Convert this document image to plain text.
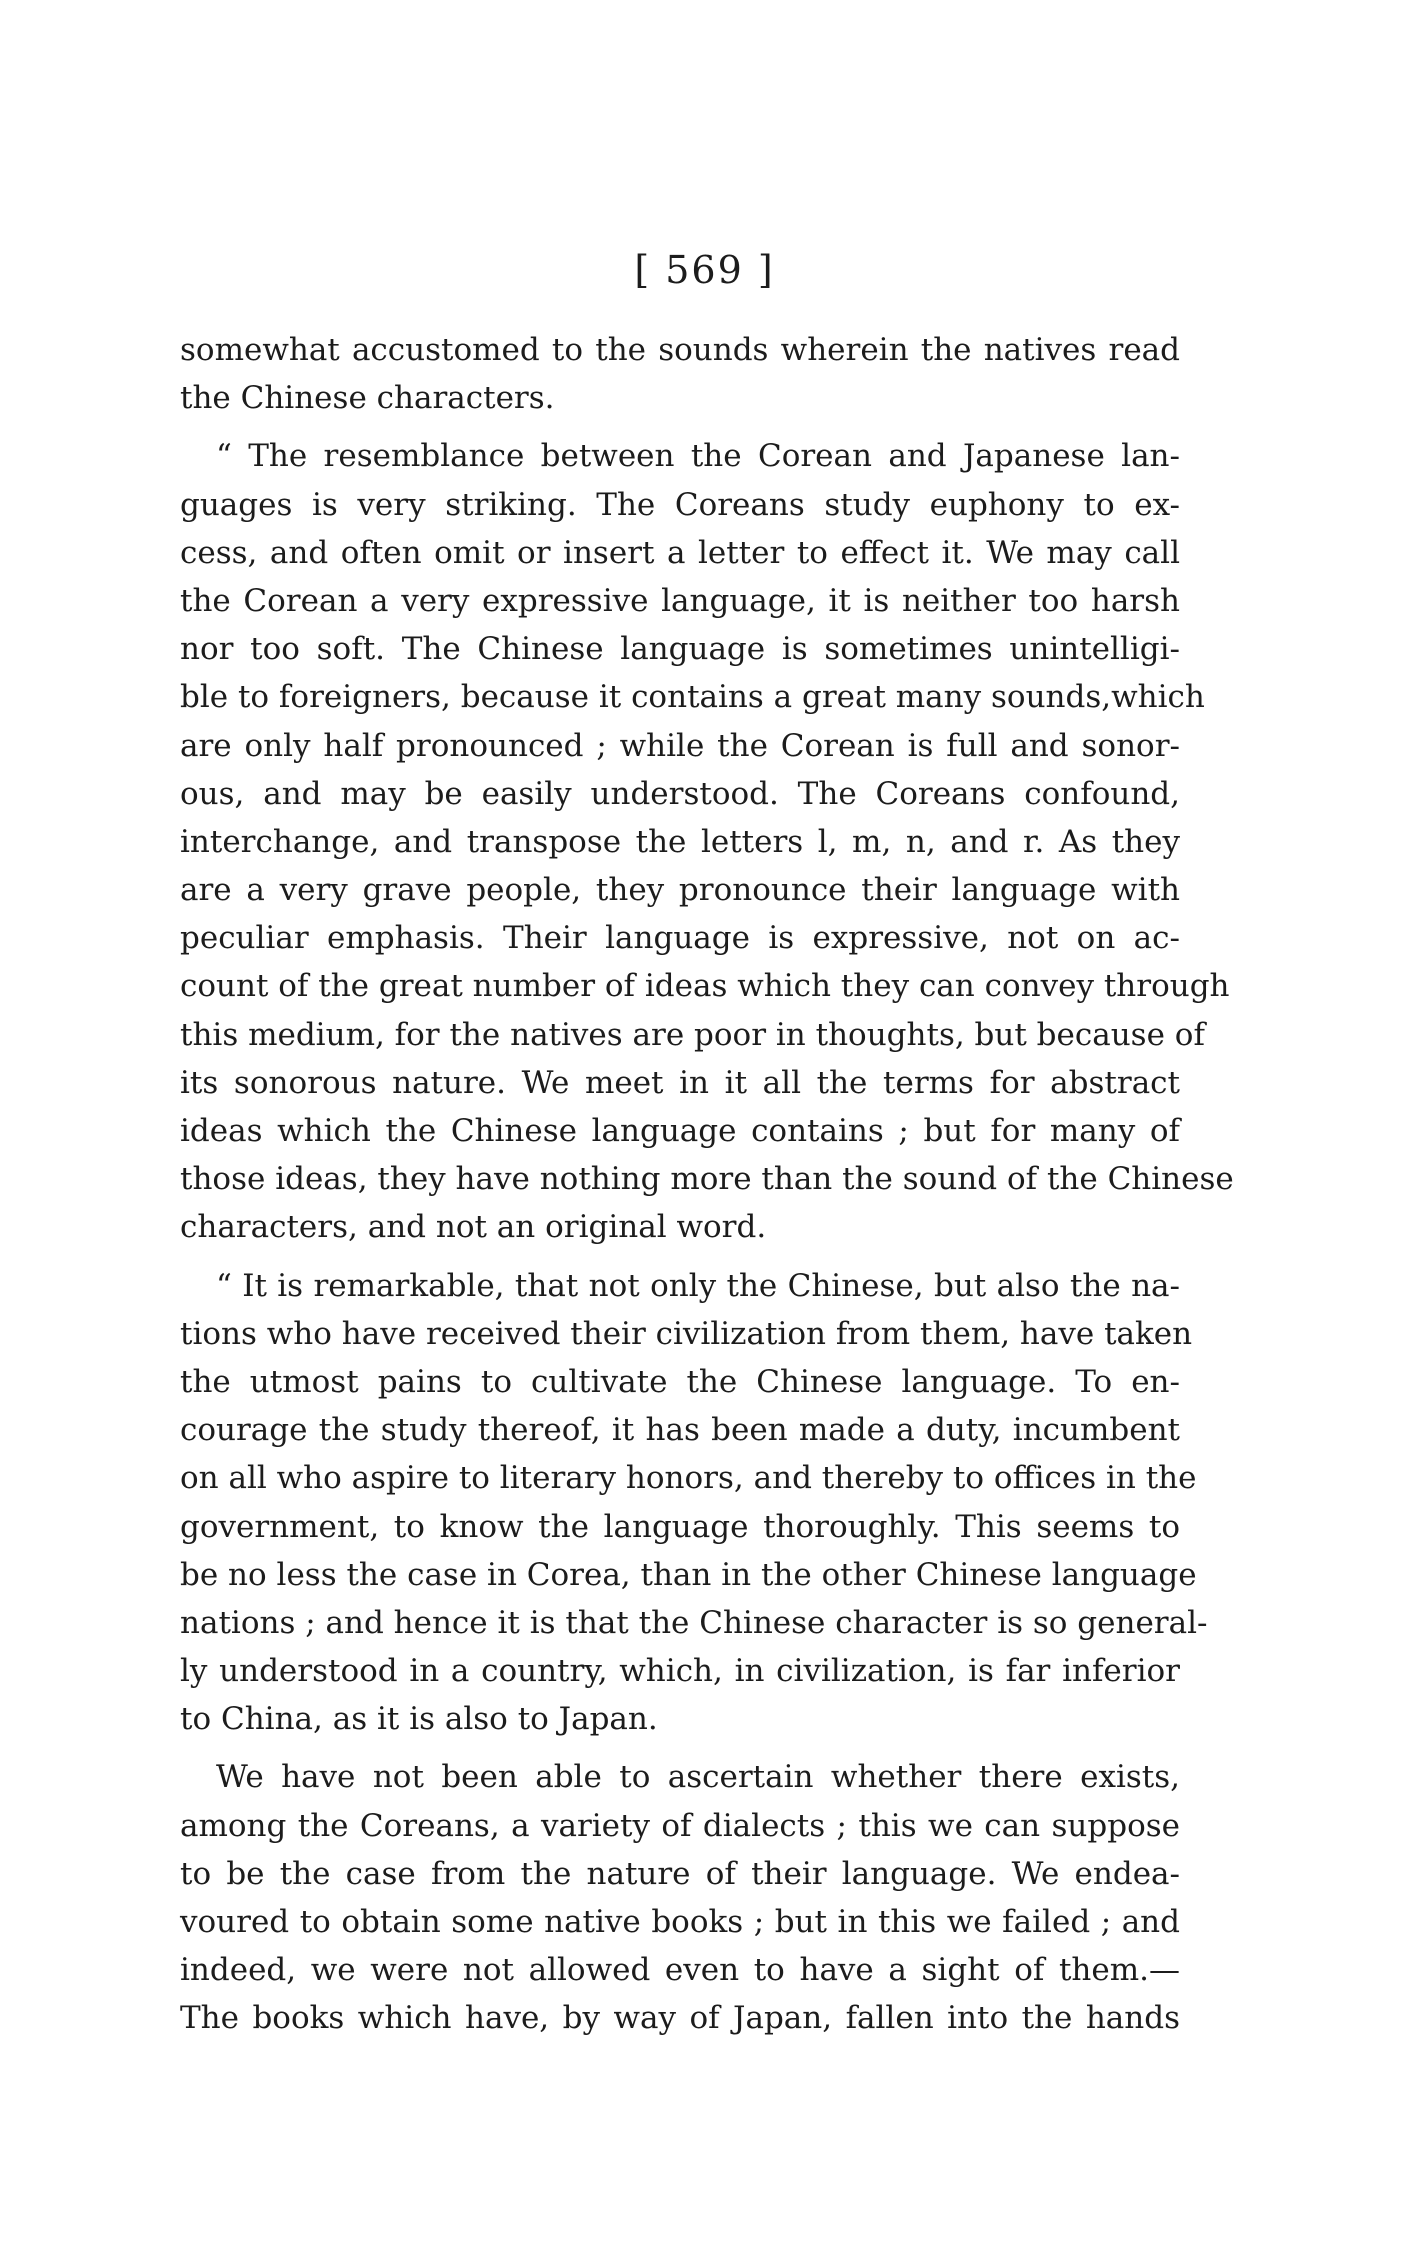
[ 569 ]
somewhat accustomed to the sounds wherein the natives read
the Chinese characters.
“ The resemblance between the Corean and Japanese lan-
guages is very striking. The Coreans study euphony to ex-
cess, and often omit or insert a letter to effect it. We may call
the Corean a very expressive language, it is neither too harsh
nor too soft. The Chinese language is sometimes unintelligi-
ble to foreigners, because it contains a great many sounds,which
are only half pronounced ; while the Corean is full and sonor-
ous, and may be easily understood. The Coreans confound,
interchange, and transpose the letters l, m, n, and r. As they
are a very grave people, they pronounce their language with
peculiar emphasis. Their language is expressive, not on ac-
count of the great number of ideas which they can convey through
this medium, for the natives are poor in thoughts, but because of
its sonorous nature. We meet in it all the terms for abstract
ideas which the Chinese language contains ; but for many of
those ideas, they have nothing more than the sound of the Chinese
characters, and not an original word.
“ It is remarkable, that not only the Chinese, but also the na-
tions who have received their civilization from them, have taken
the utmost pains to cultivate the Chinese language. To en-
courage the study thereof, it has been made a duty, incumbent
on all who aspire to literary honors, and thereby to offices in the
government, to know the language thoroughly. This seems to
be no less the case in Corea, than in the other Chinese language
nations ; and hence it is that the Chinese character is so general-
ly understood in a country, which, in civilization, is far inferior
to China, as it is also to Japan.
We have not been able to ascertain whether there exists,
among the Coreans, a variety of dialects ; this we can suppose
to be the case from the nature of their language. We endea-
voured to obtain some native books ; but in this we failed ; and
indeed, we were not allowed even to have a sight of them.—
The books which have, by way of Japan, fallen into the hands
